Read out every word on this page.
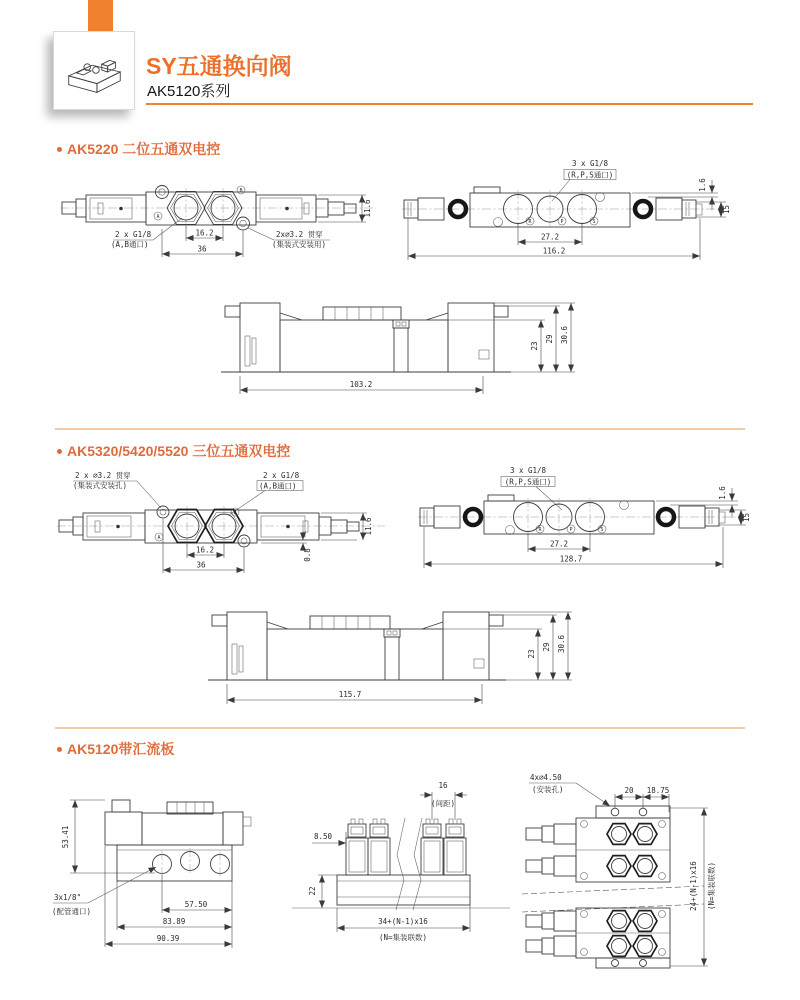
SY五通换向阀
AK5120系列
AK5220 二位五通双电控
AK5320/5420/5520 三位五通双电控
AK5120带汇流板
A
B
16.2
36
11.6
2 x G1/8
(A,B通口)
2x∅3.2 贯穿
(集装式安装用)
R	P	S
3 x G1/8
(R,P,S通口)
27.2
116.2
1.6
15
23
29 30.6
103.2
2 x ∅3.2 贯穿
(集装式安装孔)
2 x G1/8
(A,B通口)
A
B
16.2
36
11.6
0.8
3 x G1/8
(R,P,S通口)
R	P	S
27.2
128.7
1.6
15
23
29 30.6
115.7
53.41
57.50
83.89
90.39
3x1/8"
(配管通口)
16
(间距)
8.50
22
34+(N-1)x16
(N=集装联数)
4x∅4.50
(安装孔)	20 18.75
24+(N-1)x16 (N=集装联数)
